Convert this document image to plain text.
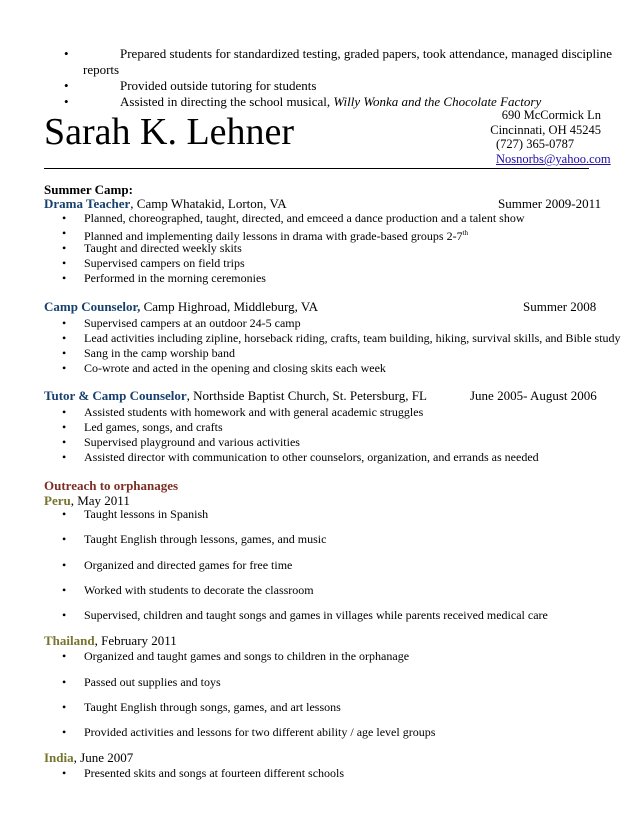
•	Prepared students for standardized testing, graded papers, took attendance, managed discipline
reports
•	Provided outside tutoring for students
•	Assisted in directing the school musical, Willy Wonka and the Chocolate Factory
Sarah K. Lehner	690 McCormick Ln
Cincinnati, OH 45245
(727) 365-0787
Nosnorbs@yahoo.com
Summer Camp:
Drama Teacher, Camp Whatakid, Lorton, VA	Summer 2009-2011
• Planned, choreographed, taught, directed, and emceed a dance production and a talent show
• Planned and implementing daily lessons in drama with grade-based groups 2-7th
• Taught and directed weekly skits
• Supervised campers on field trips
• Performed in the morning ceremonies
Camp Counselor, Camp Highroad, Middleburg, VA	Summer 2008
• Supervised campers at an outdoor 24-5 camp
• Lead activities including zipline, horseback riding, crafts, team building, hiking, survival skills, and Bible study
• Sang in the camp worship band
• Co-wrote and acted in the opening and closing skits each week
Tutor & Camp Counselor, Northside Baptist Church, St. Petersburg, FL	June 2005- August 2006
• Assisted students with homework and with general academic struggles
• Led games, songs, and crafts
• Supervised playground and various activities
• Assisted director with communication to other counselors, organization, and errands as needed
Outreach to orphanages
Peru, May 2011
• Taught lessons in Spanish
• Taught English through lessons, games, and music
• Organized and directed games for free time
• Worked with students to decorate the classroom
• Supervised, children and taught songs and games in villages while parents received medical care
Thailand, February 2011
• Organized and taught games and songs to children in the orphanage
• Passed out supplies and toys
• Taught English through songs, games, and art lessons
• Provided activities and lessons for two different ability / age level groups
India, June 2007
• Presented skits and songs at fourteen different schools
